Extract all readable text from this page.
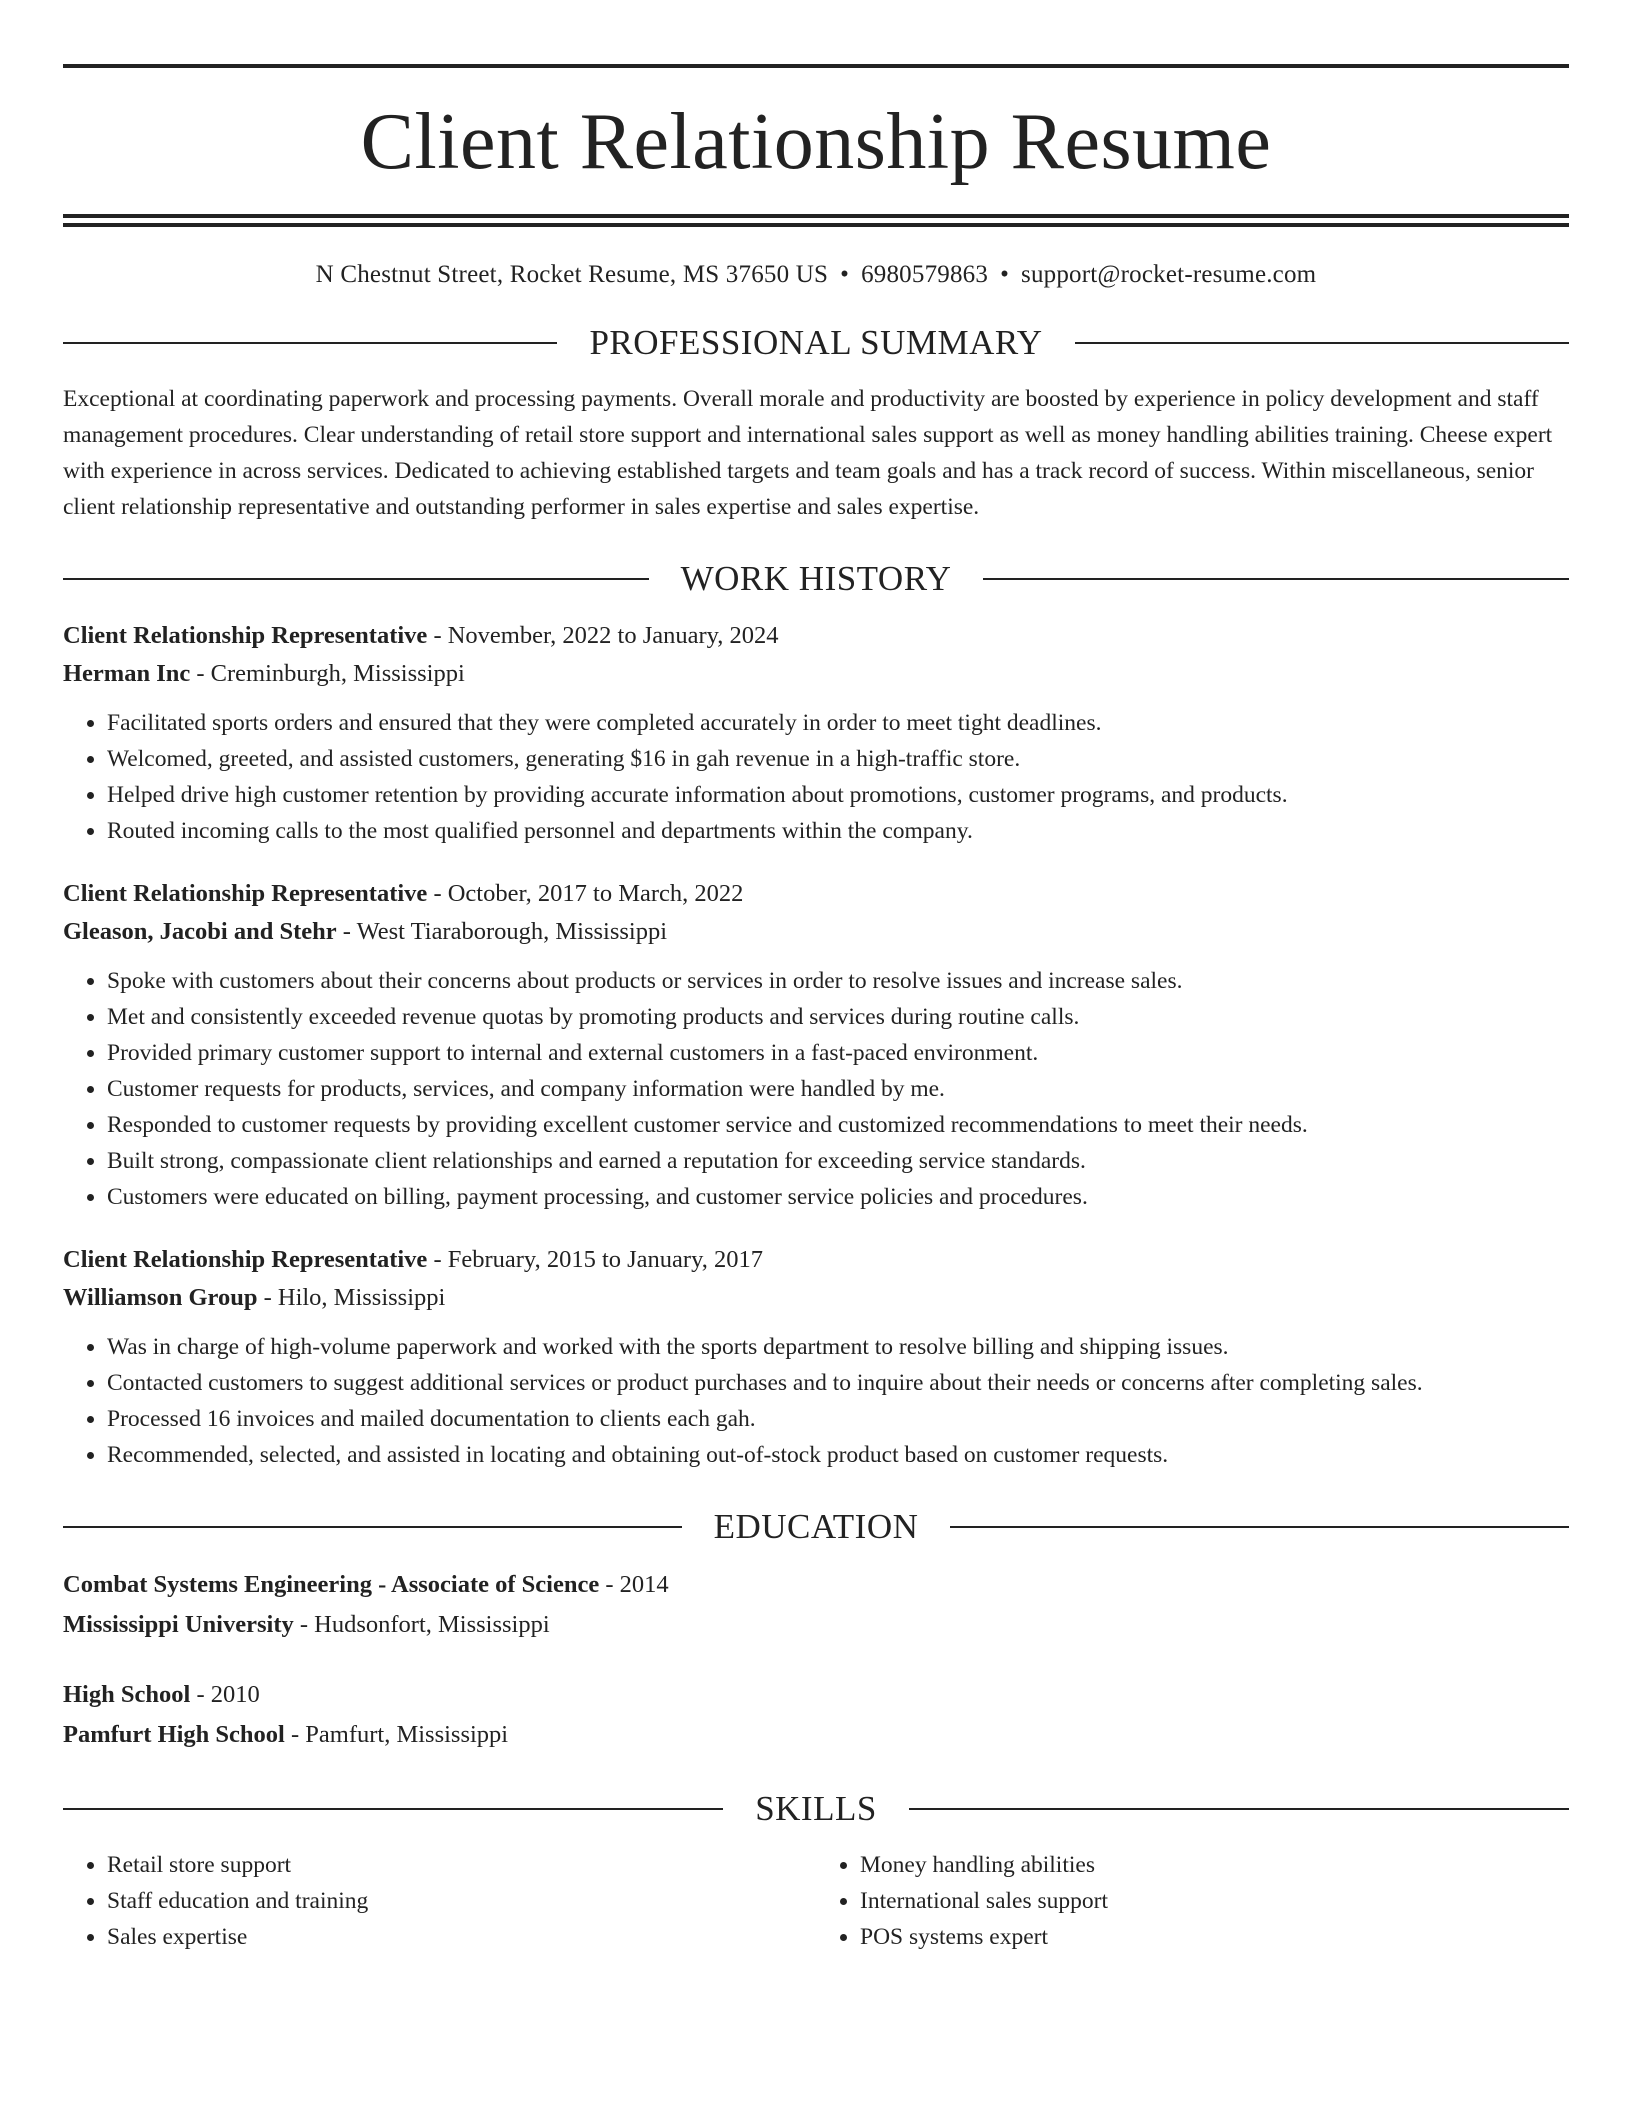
Client Relationship Resume
N Chestnut Street, Rocket Resume, MS 37650 US • 6980579863 • support@rocket-resume.com
PROFESSIONAL SUMMARY

Exceptional at coordinating paperwork and processing payments. Overall morale and productivity are boosted by experience in policy development and staff management procedures. Clear understanding of retail store support and international sales support as well as money handling abilities training. Cheese expert with experience in across services. Dedicated to achieving established targets and team goals and has a track record of success. Within miscellaneous, senior client relationship representative and outstanding performer in sales expertise and sales expertise.

WORK HISTORY
Client Relationship Representative - November, 2022 to January, 2024
Herman Inc - Creminburgh, Mississippi
• Facilitated sports orders and ensured that they were completed accurately in order to meet tight deadlines.
• Welcomed, greeted, and assisted customers, generating $16 in gah revenue in a high-traffic store.
• Helped drive high customer retention by providing accurate information about promotions, customer programs, and products.
• Routed incoming calls to the most qualified personnel and departments within the company.
Client Relationship Representative - October, 2017 to March, 2022
Gleason, Jacobi and Stehr - West Tiaraborough, Mississippi
• Spoke with customers about their concerns about products or services in order to resolve issues and increase sales.
• Met and consistently exceeded revenue quotas by promoting products and services during routine calls.
• Provided primary customer support to internal and external customers in a fast-paced environment.
• Customer requests for products, services, and company information were handled by me.
• Responded to customer requests by providing excellent customer service and customized recommendations to meet their needs.
• Built strong, compassionate client relationships and earned a reputation for exceeding service standards.
• Customers were educated on billing, payment processing, and customer service policies and procedures.
Client Relationship Representative - February, 2015 to January, 2017
Williamson Group - Hilo, Mississippi
• Was in charge of high-volume paperwork and worked with the sports department to resolve billing and shipping issues.
• Contacted customers to suggest additional services or product purchases and to inquire about their needs or concerns after completing sales.
• Processed 16 invoices and mailed documentation to clients each gah.
• Recommended, selected, and assisted in locating and obtaining out-of-stock product based on customer requests.
EDUCATION
Combat Systems Engineering - Associate of Science - 2014
Mississippi University - Hudsonfort, Mississippi
High School - 2010
Pamfurt High School - Pamfurt, Mississippi
SKILLS
• Retail store support
• Staff education and training
• Sales expertise
• Money handling abilities
• International sales support
• POS systems expert
